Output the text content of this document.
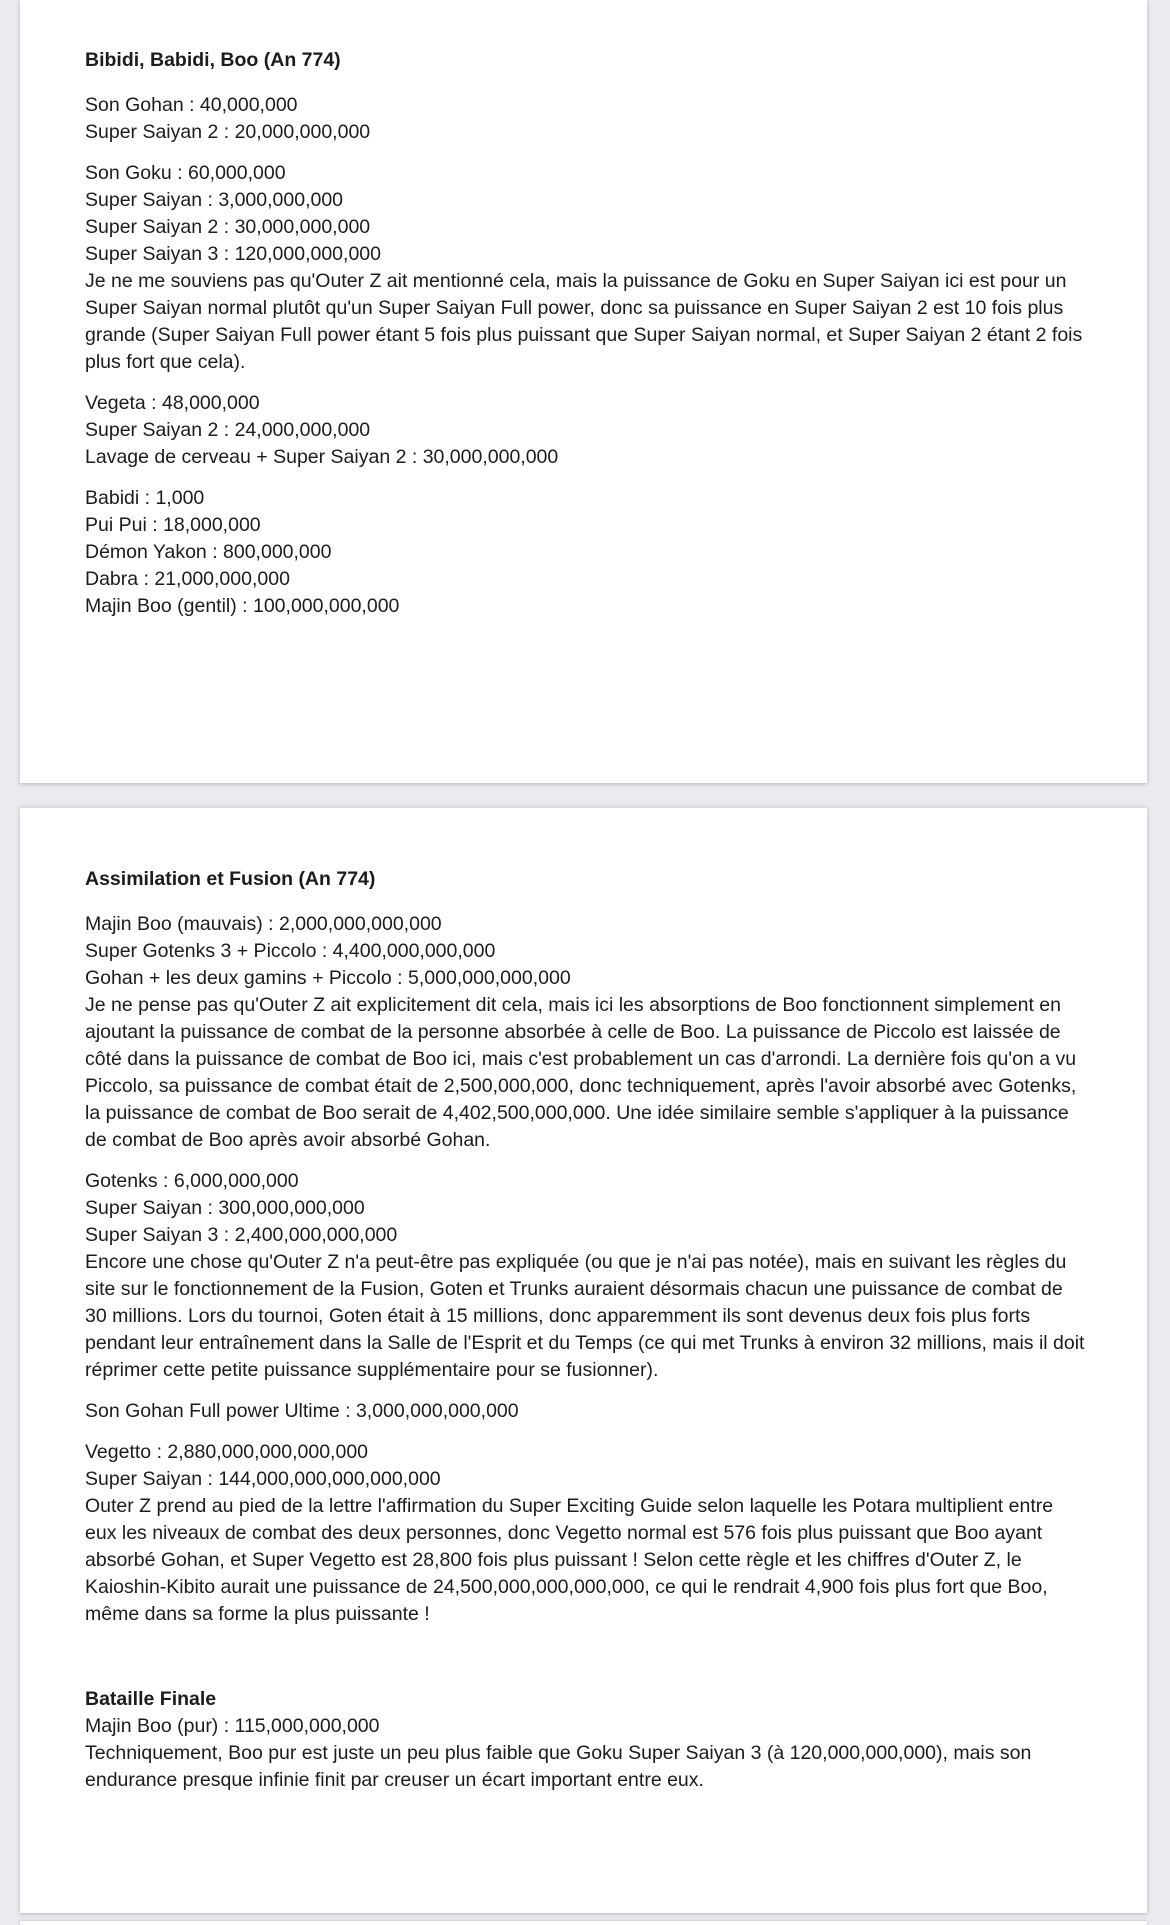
Bibidi, Babidi, Boo (An 774)
Son Gohan : 40,000,000
Super Saiyan 2 : 20,000,000,000
Son Goku : 60,000,000
Super Saiyan : 3,000,000,000
Super Saiyan 2 : 30,000,000,000
Super Saiyan 3 : 120,000,000,000
Je ne me souviens pas qu'Outer Z ait mentionné cela, mais la puissance de Goku en Super Saiyan ici est pour un Super Saiyan normal plutôt qu'un Super Saiyan Full power, donc sa puissance en Super Saiyan 2 est 10 fois plus grande (Super Saiyan Full power étant 5 fois plus puissant que Super Saiyan normal, et Super Saiyan 2 étant 2 fois plus fort que cela).
Vegeta : 48,000,000
Super Saiyan 2 : 24,000,000,000
Lavage de cerveau + Super Saiyan 2 : 30,000,000,000
Babidi : 1,000
Pui Pui : 18,000,000
Démon Yakon : 800,000,000
Dabra : 21,000,000,000
Majin Boo (gentil) : 100,000,000,000
Assimilation et Fusion (An 774)
Majin Boo (mauvais) : 2,000,000,000,000
Super Gotenks 3 + Piccolo : 4,400,000,000,000
Gohan + les deux gamins + Piccolo : 5,000,000,000,000
Je ne pense pas qu'Outer Z ait explicitement dit cela, mais ici les absorptions de Boo fonctionnent simplement en ajoutant la puissance de combat de la personne absorbée à celle de Boo. La puissance de Piccolo est laissée de côté dans la puissance de combat de Boo ici, mais c'est probablement un cas d'arrondi. La dernière fois qu'on a vu Piccolo, sa puissance de combat était de 2,500,000,000, donc techniquement, après l'avoir absorbé avec Gotenks, la puissance de combat de Boo serait de 4,402,500,000,000. Une idée similaire semble s'appliquer à la puissance de combat de Boo après avoir absorbé Gohan.
Gotenks : 6,000,000,000
Super Saiyan : 300,000,000,000
Super Saiyan 3 : 2,400,000,000,000
Encore une chose qu'Outer Z n'a peut-être pas expliquée (ou que je n'ai pas notée), mais en suivant les règles du site sur le fonctionnement de la Fusion, Goten et Trunks auraient désormais chacun une puissance de combat de 30 millions. Lors du tournoi, Goten était à 15 millions, donc apparemment ils sont devenus deux fois plus forts pendant leur entraînement dans la Salle de l'Esprit et du Temps (ce qui met Trunks à environ 32 millions, mais il doit réprimer cette petite puissance supplémentaire pour se fusionner).
Son Gohan Full power Ultime : 3,000,000,000,000
Vegetto : 2,880,000,000,000,000
Super Saiyan : 144,000,000,000,000,000
Outer Z prend au pied de la lettre l'affirmation du Super Exciting Guide selon laquelle les Potara multiplient entre eux les niveaux de combat des deux personnes, donc Vegetto normal est 576 fois plus puissant que Boo ayant absorbé Gohan, et Super Vegetto est 28,800 fois plus puissant ! Selon cette règle et les chiffres d'Outer Z, le Kaioshin-Kibito aurait une puissance de 24,500,000,000,000,000, ce qui le rendrait 4,900 fois plus fort que Boo, même dans sa forme la plus puissante !
Bataille Finale
Majin Boo (pur) : 115,000,000,000
Techniquement, Boo pur est juste un peu plus faible que Goku Super Saiyan 3 (à 120,000,000,000), mais son endurance presque infinie finit par creuser un écart important entre eux.
